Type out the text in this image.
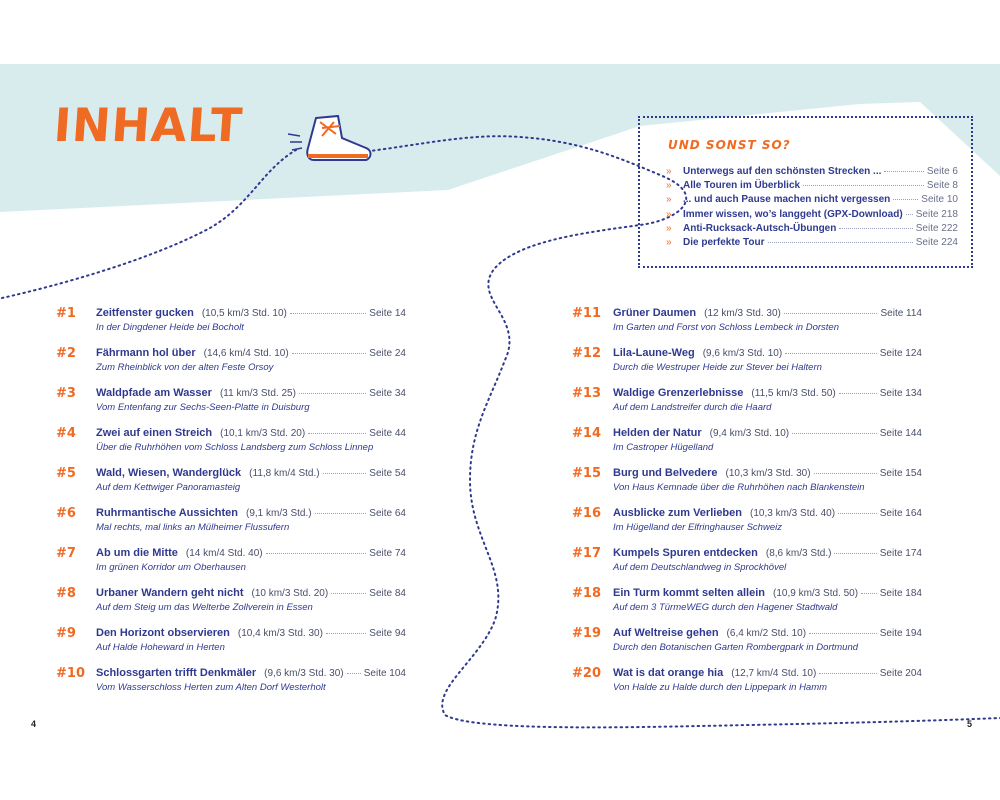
INHALT	UND SONST SO?
»	Unterwegs auf den schönsten Strecken ...	Seite 6
»	Alle Touren im Überblick	Seite 8
»	... und auch Pause machen nicht vergessen	Seite 10
»	Immer wissen, wo’s langgeht (GPX-Download) Seite 218
»	Anti-Rucksack-Autsch-Übungen	Seite 222
»	Die perfekte Tour	Seite 224
#1 Zeitfenster gucken (10,5 km/3 Std. 10)	Seite 14
In der Dingdener Heide bei Bocholt
#2 Fährmann hol über (14,6 km/4 Std. 10)	Seite 24
Zum Rheinblick von der alten Feste Orsoy
#3 Waldpfade am Wasser (11 km/3 Std. 25)	Seite 34
Vom Entenfang zur Sechs-Seen-Platte in Duisburg
#4 Zwei auf einen Streich (10,1 km/3 Std. 20)	Seite 44
Über die Ruhrhöhen vom Schloss Landsberg zum Schloss Linnep
#5 Wald, Wiesen, Wanderglück (11,8 km/4 Std.)	Seite 54
Auf dem Kettwiger Panoramasteig
#6 Ruhrmantische Aussichten (9,1 km/3 Std.)	Seite 64
Mal rechts, mal links an Mülheimer Flussufern
#7 Ab um die Mitte (14 km/4 Std. 40)	Seite 74
Im grünen Korridor um Oberhausen
#8 Urbaner Wandern geht nicht (10 km/3 Std. 20)	Seite 84
Auf dem Steig um das Welterbe Zollverein in Essen
#9 Den Horizont observieren (10,4 km/3 Std. 30)	Seite 94
Auf Halde Hoheward in Herten
#10 Schlossgarten trifft Denkmäler (9,6 km/3 Std. 30) Seite 104
Vom Wasserschloss Herten zum Alten Dorf Westerholt
#11 Grüner Daumen (12 km/3 Std. 30)	Seite 114
Im Garten und Forst von Schloss Lembeck in Dorsten
#12 Lila-Laune-Weg (9,6 km/3 Std. 10)	Seite 124
Durch die Westruper Heide zur Stever bei Haltern
#13 Waldige Grenzerlebnisse (11,5 km/3 Std. 50)	Seite 134
Auf dem Landstreifer durch die Haard
#14 Helden der Natur (9,4 km/3 Std. 10)	Seite 144
Im Castroper Hügelland
#15 Burg und Belvedere (10,3 km/3 Std. 30)	Seite 154
Von Haus Kemnade über die Ruhrhöhen nach Blankenstein
#16 Ausblicke zum Verlieben (10,3 km/3 Std. 40)	Seite 164
Im Hügelland der Elfringhauser Schweiz
#17 Kumpels Spuren entdecken (8,6 km/3 Std.)	Seite 174
Auf dem Deutschlandweg in Sprockhövel
#18 Ein Turm kommt selten allein (10,9 km/3 Std. 50) Seite 184
Auf dem 3 TürmeWEG durch den Hagener Stadtwald
#19 Auf Weltreise gehen (6,4 km/2 Std. 10)	Seite 194
Durch den Botanischen Garten Rombergpark in Dortmund
#20 Wat is dat orange hia (12,7 km/4 Std. 10)	Seite 204
Von Halde zu Halde durch den Lippepark in Hamm
4	5
